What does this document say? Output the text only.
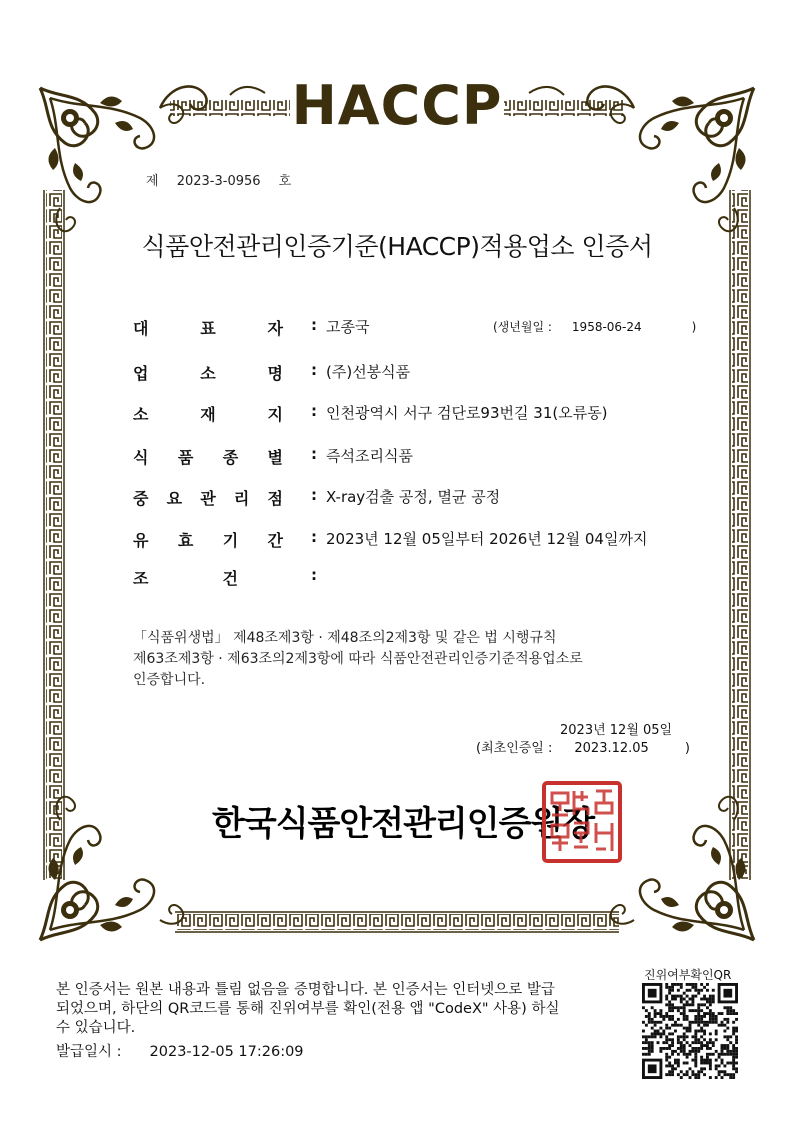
HACCP
제 2023-3-0956 호
식품안전관리인증기준(HACCP)적용업소 인증서
대	표	자 : 고종국	(생년월일 : 1958-06-24	)
업	소	명 : (주)선봉식품
소	재	지 : 인천광역시 서구 검단로93번길 31(오류동)
식 품 종 별 : 즉석조리식품
중 요 관 리 점 : X-ray검출 공정, 멸균 공정
유 효 기 간 : 2023년 12월 05일부터 2026년 12월 04일까지
조	건	:
「식품위생법」 제48조제3항 · 제48조의2제3항 및 같은 법 시행규칙
제63조제3항 · 제63조의2제3항에 따라 식품안전관리인증기준적용업소로
인증합니다.
2023년 12월 05일
(최초인증일 : 2023.12.05	)
한국식품안전관리인증원장
본 인증서는 원본 내용과 틀림 없음을 증명합니다. 본 인증서는 인터넷으로 발급
되었으며, 하단의 QR코드를 통해 진위여부를 확인(전용 앱 "CodeX" 사용) 하실
수 있습니다.
발급일시 : 2023-12-05 17:26:09
진위여부확인QR
